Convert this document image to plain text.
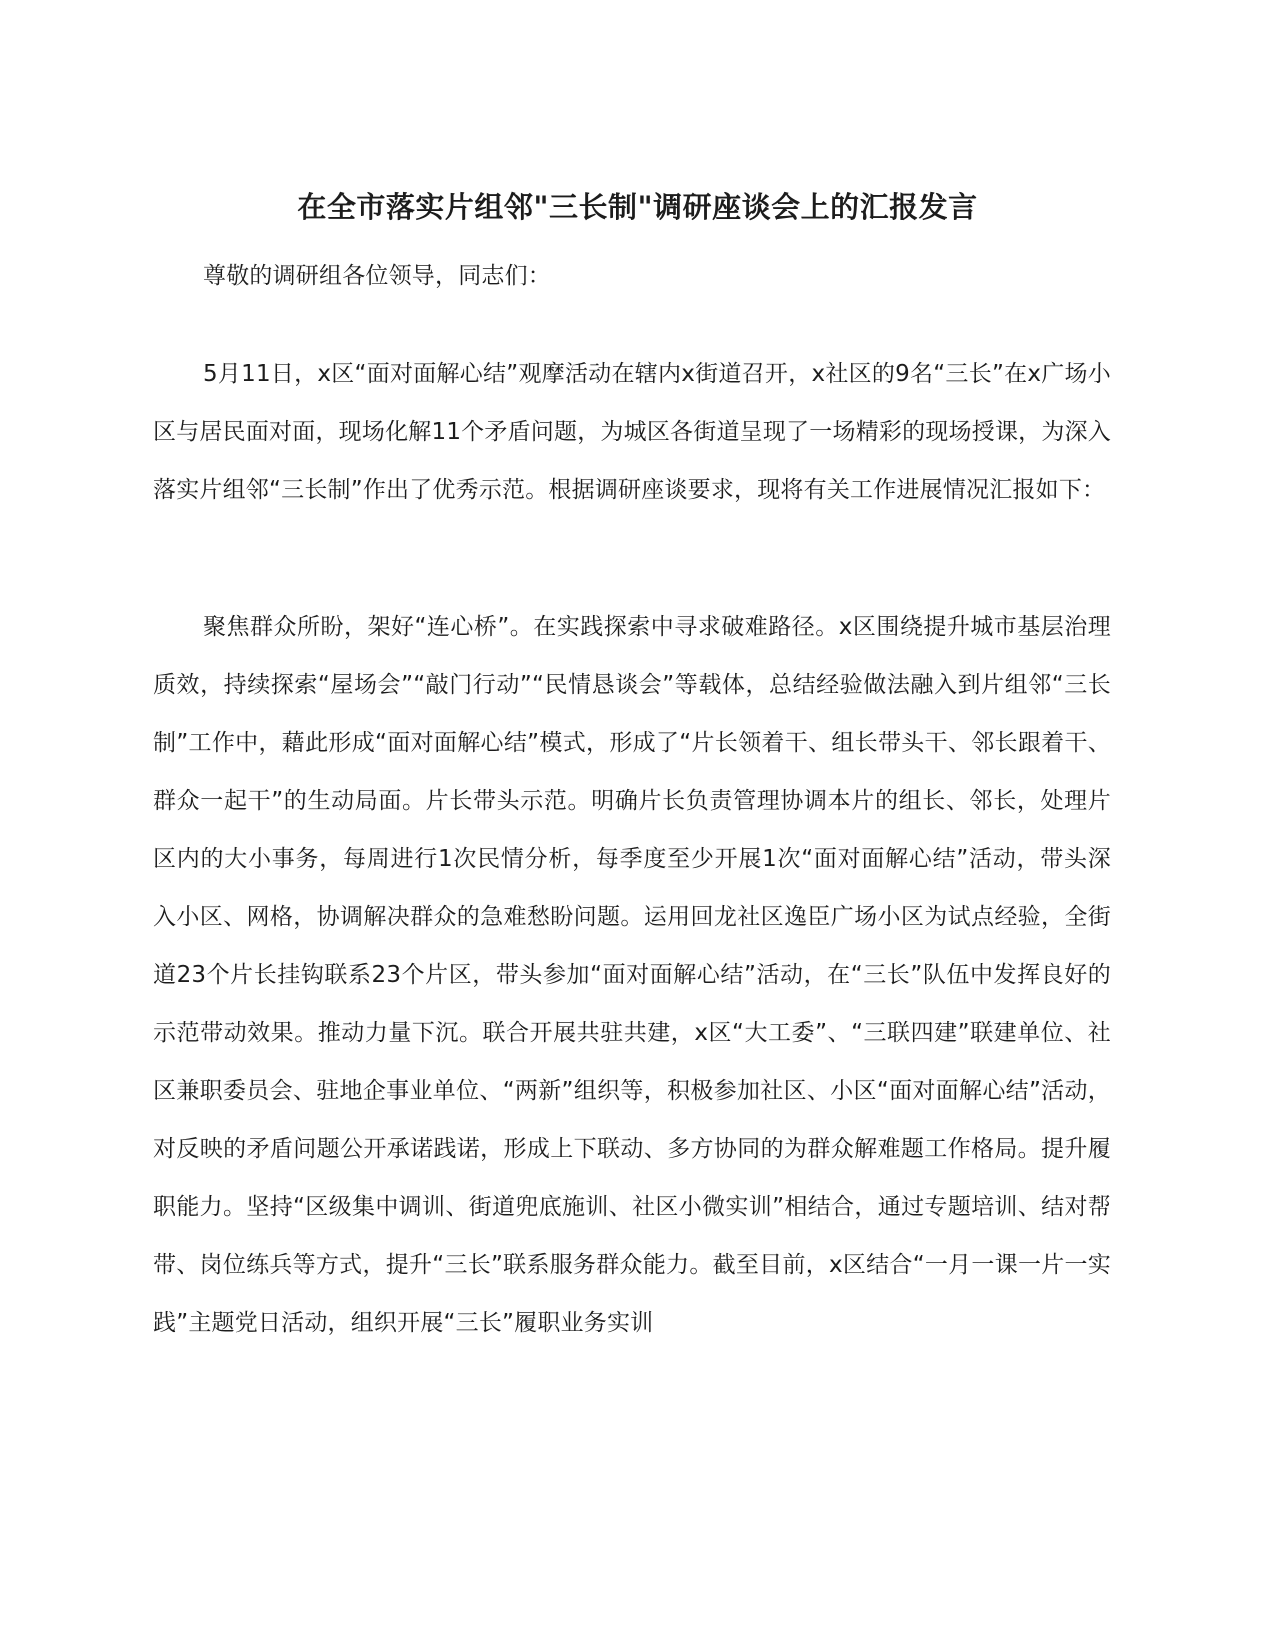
在全市落实片组邻"三长制"调研座谈会上的汇报发言

尊敬的调研组各位领导，同志们：

5月11日，x区“面对面解心结”观摩活动在辖内x街道召开，x社区的9名“三长”在x广场小区与居民面对面，现场化解11个矛盾问题，为城区各街道呈现了一场精彩的现场授课，为深入落实片组邻“三长制”作出了优秀示范。根据调研座谈要求，现将有关工作进展情况汇报如下：

聚焦群众所盼，架好“连心桥”。在实践探索中寻求破难路径。x区围绕提升城市基层治理质效，持续探索“屋场会”“敲门行动”“民情恳谈会”等载体，总结经验做法融入到片组邻“三长制”工作中，藉此形成“面对面解心结”模式，形成了“片长领着干、组长带头干、邻长跟着干、群众一起干”的生动局面。片长带头示范。明确片长负责管理协调本片的组长、邻长，处理片区内的大小事务，每周进行1次民情分析，每季度至少开展1次“面对面解心结”活动，带头深入小区、网格，协调解决群众的急难愁盼问题。运用回龙社区逸臣广场小区为试点经验，全街道23个片长挂钩联系23个片区，带头参加“面对面解心结”活动，在“三长”队伍中发挥良好的示范带动效果。推动力量下沉。联合开展共驻共建，x区“大工委”、“三联四建”联建单位、社区兼职委员会、驻地企事业单位、“两新”组织等，积极参加社区、小区“面对面解心结”活动，对反映的矛盾问题公开承诺践诺，形成上下联动、多方协同的为群众解难题工作格局。提升履职能力。坚持“区级集中调训、街道兜底施训、社区小微实训”相结合，通过专题培训、结对帮带、岗位练兵等方式，提升“三长”联系服务群众能力。截至目前，x区结合“一月一课一片一实践”主题党日活动，组织开展“三长”履职业务实训
